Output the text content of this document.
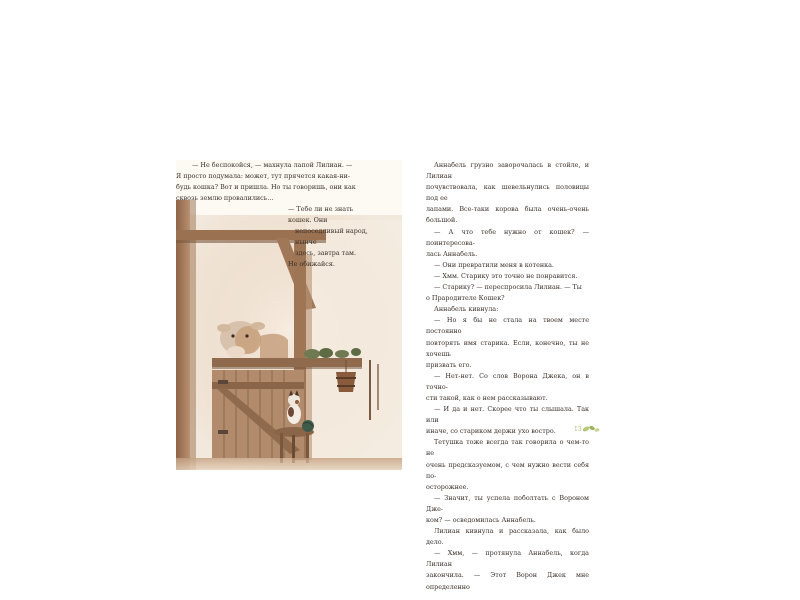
— Не беспокойся, — махнула лапой Лилиан. —

Я просто подумала: может, тут прячется какая-ни-

будь кошка? Вот и пришла. Но ты говоришь, они как

сквозь землю провалились…

— Тебе ли не знать кошек. Они

непоседливый народ, нынче

здесь, завтра там.

Не обижайся.

Аннабель грузно заворочалась в стойле, и Лилиан

почувствовала, как шевельнулись половицы под ее

лапами. Все-таки корова была очень-очень большой.

— А что тебе нужно от кошек? — поинтересова-

лась Аннабель.

— Они превратили меня в котенка.

— Хмм. Старику это точно не понравится.

— Старику? — переспросила Лилиан. — Ты

о Прародителе Кошек?

Аннабель кивнула:

— Но я бы не стала на твоем месте постоянно

повторять имя старика. Если, конечно, ты не хочешь

призвать его.

— Нет-нет. Со слов Ворона Джека, он в точно-

сти такой, как о нем рассказывают.

— И да и нет. Скорее что ты слышала. Так или

иначе, со стариком держи ухо востро.

Тетушка тоже всегда так говорила о чем-то не

очень предсказуемом, с чем нужно вести себя по-

осторожнее.

— Значит, ты успела поболтать с Вороном Дже-

ком? — осведомилась Аннабель.

Лилиан кивнула и рассказала, как было дело.

— Хмм, — протянула Аннабель, когда Лилиан

закончила. — Этот Ворон Джек мне определенно

13
